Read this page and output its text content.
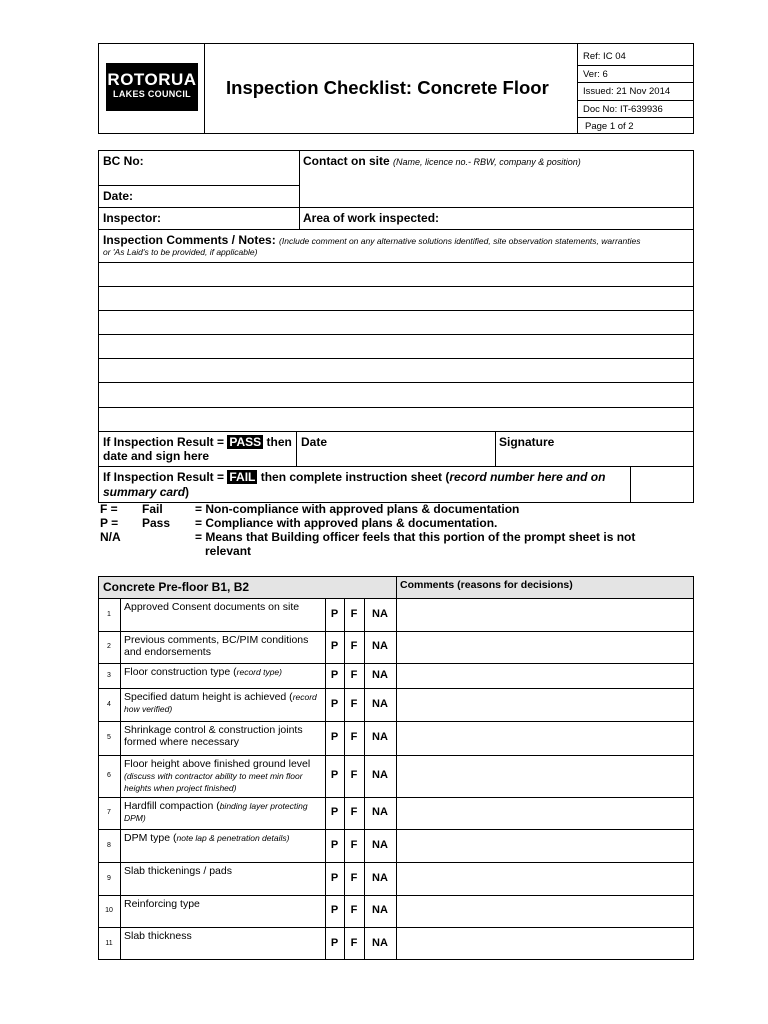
ROTORUA
LAKES COUNCIL	Inspection Checklist: Concrete Floor
Ref: IC 04
Ver: 6
Issued: 21 Nov 2014
Doc No: IT-639936
Page 1 of 2
BC No:	Contact on site (Name, licence no.- RBW, company & position)
Date:
Inspector:	Area of work inspected:
Inspection Comments / Notes: (Include comment on any alternative solutions identified, site observation statements, warranties
or 'As Laid's to be provided, if applicable)
If Inspection Result = PASS then
date and sign here
Date	Signature
If Inspection Result = FAIL then complete instruction sheet (record number here and on
summary card)
F = Fail	= Non-compliance with approved plans & documentation
P = Pass = Compliance with approved plans & documentation.
N/A	= Means that Building officer feels that this portion of the prompt sheet is not
relevant
Concrete Pre-floor B1, B2	Comments (reasons for decisions)
1
Approved Consent documents on site
P	F	NA
2
Previous comments, BC/PIM conditions and endorsements	P	F	NA
3	Floor construction type (record type)	P	F	NA
4
Specified datum height is achieved (record how verified)	P	F	NA
5
Shrinkage control & construction joints formed where necessary	P	F	NA
6
Floor height above finished ground level (discuss with contractor ability to meet min floor heights when project finished)
P	F	NA
7
Hardfill compaction (binding layer protecting DPM)	P	F	NA
8
DPM type (note lap & penetration details)
P	F	NA
9
Slab thickenings / pads
P	F	NA
10
Reinforcing type	P	F	NA
11
Slab thickness
P	F	NA
